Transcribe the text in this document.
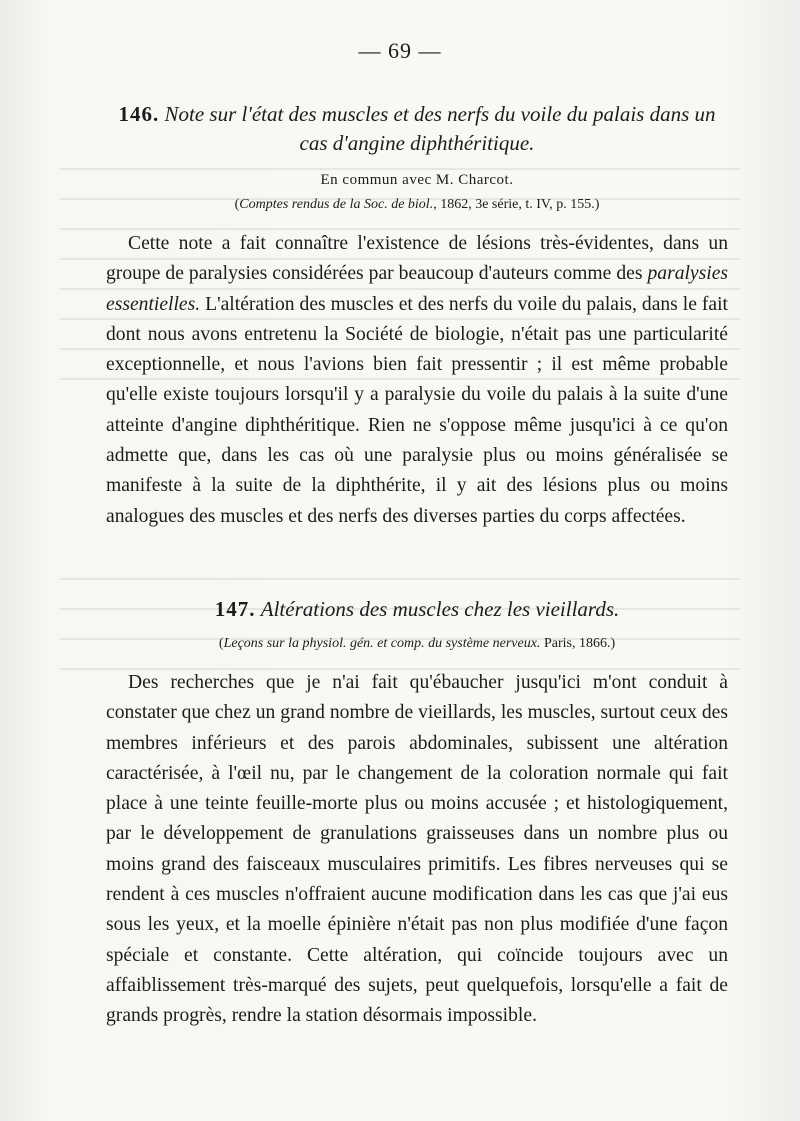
— 69 —
146. Note sur l'état des muscles et des nerfs du voile du palais dans un cas d'angine diphthéritique.
En commun avec M. Charcot.
(Comptes rendus de la Soc. de biol., 1862, 3e série, t. IV, p. 155.)

Cette note a fait connaître l'existence de lésions très-évidentes, dans un groupe de paralysies considérées par beaucoup d'auteurs comme des paralysies essentielles. L'altération des muscles et des nerfs du voile du palais, dans le fait dont nous avons entretenu la Société de biologie, n'était pas une particularité exceptionnelle, et nous l'avions bien fait pressentir ; il est même probable qu'elle existe toujours lorsqu'il y a paralysie du voile du palais à la suite d'une atteinte d'angine diphthéritique. Rien ne s'oppose même jusqu'ici à ce qu'on admette que, dans les cas où une paralysie plus ou moins généralisée se manifeste à la suite de la diphthérite, il y ait des lésions plus ou moins analogues des muscles et des nerfs des diverses parties du corps affectées.

147. Altérations des muscles chez les vieillards.
(Leçons sur la physiol. gén. et comp. du système nerveux. Paris, 1866.)

Des recherches que je n'ai fait qu'ébaucher jusqu'ici m'ont conduit à constater que chez un grand nombre de vieillards, les muscles, surtout ceux des membres inférieurs et des parois abdominales, subissent une altération caractérisée, à l'œil nu, par le changement de la coloration normale qui fait place à une teinte feuille-morte plus ou moins accusée ; et histologiquement, par le développement de granulations graisseuses dans un nombre plus ou moins grand des faisceaux musculaires primitifs. Les fibres nerveuses qui se rendent à ces muscles n'offraient aucune modification dans les cas que j'ai eus sous les yeux, et la moelle épinière n'était pas non plus modifiée d'une façon spéciale et constante. Cette altération, qui coïncide toujours avec un affaiblissement très-marqué des sujets, peut quelquefois, lorsqu'elle a fait de grands progrès, rendre la station désormais impossible.
